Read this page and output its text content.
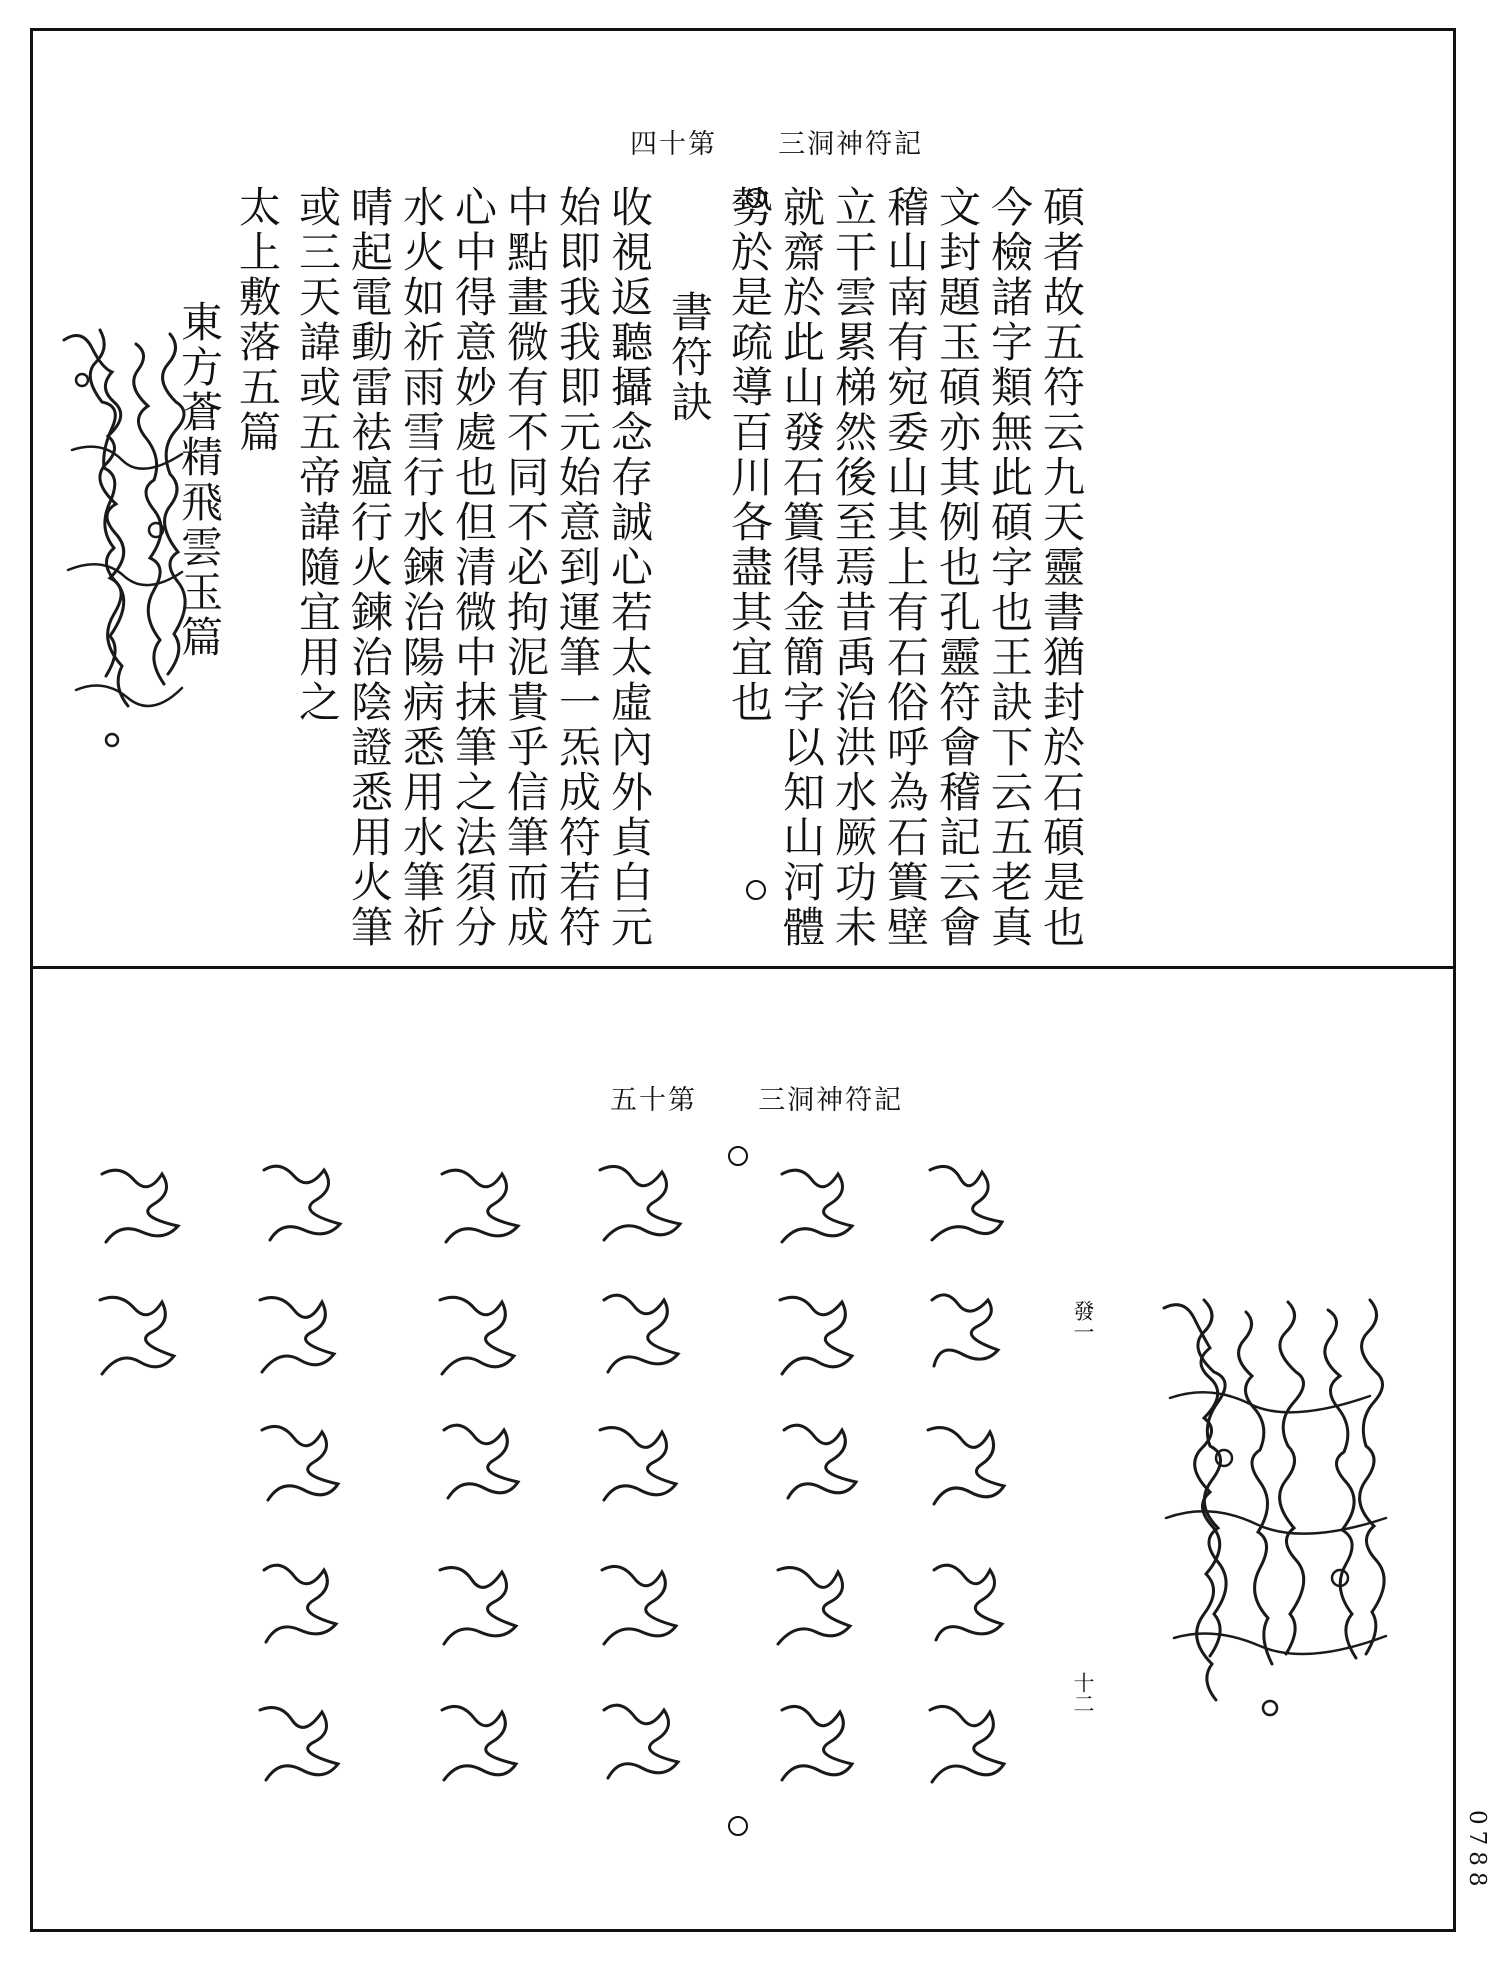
第十四 三洞神符記
碩者故五符云九天靈書猶封於石碩是也
今檢諸字類無此碩字也王訣下云五老真
文封題玉碩亦其例也孔靈符會稽記云會
稽山南有宛委山其上有石俗呼為石簣壁
立干雲累梯然後至焉昔禹治洪水厥功未
就齋於此山發石簣得金簡字以知山河體
勢於是疏導百川各盡其宜也
書符訣
收視返聽攝念存誠心若太虛內外貞白元
始即我我即元始意到運筆一炁成符若符
中點畫微有不同不必拘泥貴乎信筆而成
心中得意妙處也但清微中抹筆之法須分
水火如祈雨雪行水鍊治陽病悉用水筆祈
晴起電動雷袪瘟行火鍊治陰證悉用火筆
或三天諱或五帝諱隨宜用之
太上敷落五篇
東方蒼精飛雲玉篇
第十五 三洞神符記
發一
十二
0788
